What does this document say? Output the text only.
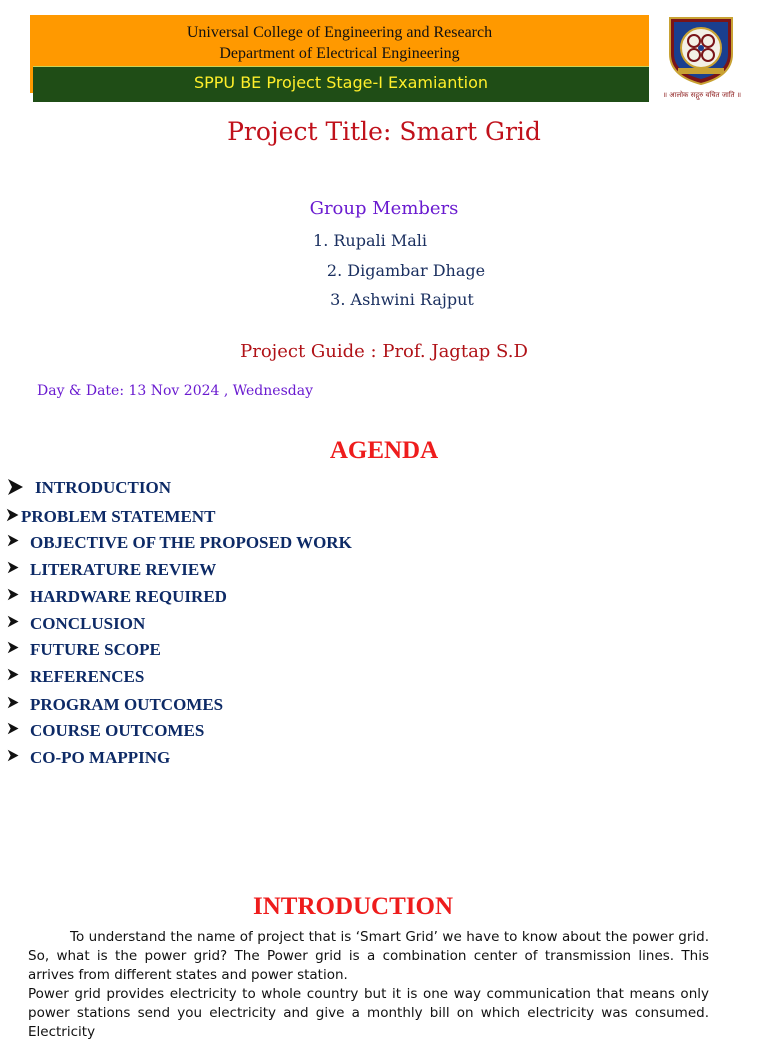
Universal College of Engineering and Research
Department of Electrical Engineering
SPPU BE Project Stage-I Examiantion
॥ आलोक सद्गुरु वचित जाति ॥
Project Title: Smart Grid
Group Members
1. Rupali Mali
2. Digambar Dhage
3. Ashwini Rajput
Project Guide : Prof. Jagtap S.D
Day & Date: 13 Nov 2024 , Wednesday
AGENDA
INTRODUCTION
PROBLEM STATEMENT
OBJECTIVE OF THE PROPOSED WORK
LITERATURE REVIEW
HARDWARE REQUIRED
CONCLUSION
FUTURE SCOPE
REFERENCES
PROGRAM OUTCOMES
COURSE OUTCOMES
CO-PO MAPPING
INTRODUCTION
To understand the name of project that is ‘Smart Grid’ we have to know about the power grid. So, what is the power grid? The Power grid is a combination center of transmission lines. This arrives from different states and power station.
Power grid provides electricity to whole country but it is one way communication that means only power stations send you electricity and give a monthly bill on which electricity was consumed. Electricity
